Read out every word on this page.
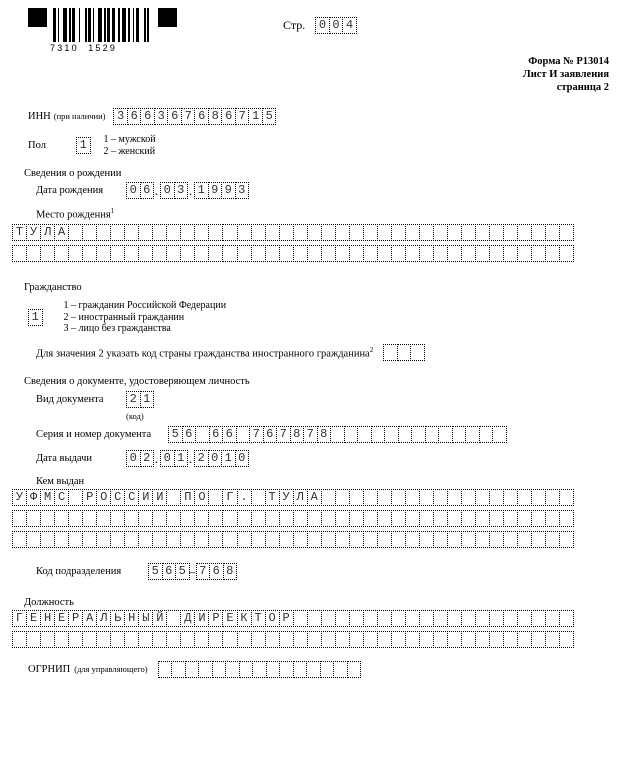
7310  1529
Стр.	0 0 4
Форма № Р13014
Лист И заявления
страница 2
ИНН (при наличии) 3 6 6 3 6 7 6 8 6 7 1 5
Пол	1	1 – мужской
2 – женский
Сведения о рождении
Дата рождения	0 6 . 0 3 . 1 9 9 3
Место рождения$^1$
Т У Л А
Гражданство
1
1 – гражданин Российской Федерации
2 – иностранный гражданин
3 – лицо без гражданства
Для значения 2 указать код страны гражданства иностранного гражданина$^2$
Сведения о документе, удостоверяющем личность
Вид документа	2 1
(код)
Серия и номер документа	5 6	6 6	7 6 7 8 7 8
Дата выдачи	0 2 . 0 1 . 2 0 1 0
Кем выдан
У Ф М С	Р О С С И И	П О	Г .	Т У Л А
Код подразделения	5 6 5 – 7 6 8
Должность
Г Е Н Е Р А Л Ь Н Ы Й	Д И Р Е К Т О Р
ОГРНИП (для управляющего)
